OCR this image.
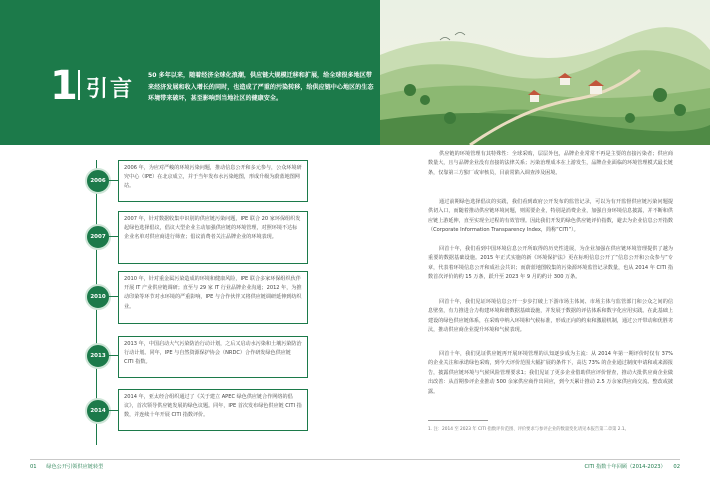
1 引言
50 多年以来，随着经济全球化浪潮，供应链大规模迁移和扩展，给全球很多地区带来经济发展和收入增长的同时，也造成了严重的污染转移，给供应链中心地区的生态环境带来破坏，甚至影响到当地社区的健康安全。
2006
2006 年，为应对严峻的环境污染问题，推动信息公开和多元参与，公众环境研究中心（IPE）在北京成立，并于当年发布水污染地图，形成升级为蔚蓝地图网站。
2007
2007 年，针对数据收集中识别的供应链污染问题，IPE 联合 20 家环保组织发起绿色选择倡议，倡议大型企业主动加强供应链的环境管理，对照环境不达标企业名单对供应商进行筛查；倡议消费者关注品牌企业的环境表现。
2010
2010 年，针对重金属污染造成的环境和健康风险，IPE 联合多家环保组织伙伴开展 IT 产业供应链调研；直至与 29 家 IT 行业品牌企业沟通；2012 年，为推动印染等环节对水环境的严重影响，IPE 与合作伙伴又将供应链调研延伸到纺织业。
2013
2013 年，中国启动大气污染防治行动计划，之后又启动水污染和土壤污染防治行动计划。同年，IPE 与自然资源保护协会（NRDC）合作研发绿色供应链 CITI 指数。
2014
2014 年，亚太经合组织通过了《关于建立 APEC 绿色供应链合作网络的倡议》，首次领导供应链发展的绿色议题。同年，IPE 首次发布绿色供应链 CITI 指数，并连续十年开展 CITI 指数评价。

供应链的环境管理有其特殊性：全球采购，层层外包，品牌企业常常不再是主要的直接污染者；供应商数量大，且与品牌企业没有直接的法律关系；污染治理成本在上游发生，品牌企业面临的环境管理模式最长链条，仅靠第三方独厂或审核员，目前常陷入调查涉及困境。

通过前期绿色选择倡议的实践，我们看到政府公开发布的监管记录，可以为有开监督供应链污染问题提供切入口，而随着推动供应链环境问题，则需要企业，特别是消费企业，加强自身环境信息披露，并不断和供应链上游延伸，直至实现全过程的有效管理。因此我们开发的绿色供应链评价指数，避去为企业信息公开指数（Corporate Information Transparency Index，简称“CITI”）。

回首十年，我们看到中国环境信息公开所取得的历史性进展，为企业加强在供应链环境管理提供了越为重要的数据基础设施。2015 年正式实施的新《环境保护法》更在标明信息公开了“信息公开和公众参与”专章，代表着环境信息公开和成社会共识；而蔚蓝地图收集的污染源环境监管记录数量，也从 2014 年 CITI 指数首次评价的约 15 万条，跃升至 2023 年 9 月的约计 300 万条。

回首十年，我们见证环境信息公开一步步打破上下游市场主体间、市场主体与监管部门和公众之间的信息壁垒，有力推进合力构建环境和谐数据基础设施，并发展于数据的评估体系和数字化应用实践。在此基础上建设的绿色供应链体系，在采购中纳入环境和气候标准，形成正向的约束和激励机制，通过公开带动和优胜劣汰，推动供应商企业提升环境和气候表现。

回首十年，我们见证供应链再开展环境管理的认知逐步成为主流：从 2014 年第一期评价时仅有 37% 的企业关注和承诺绿色采购，到今天评价范围大幅扩展的条件下，高达 73% 的企业通过制度申请和或来源报告，披露供应链环境与气候风险管理要求1；我们见证了更多企业借助供应评价督查，推动大批供应商企业做出改善：从首期参评企业推动 500 余家供应商作出回应，到今天累计推动 2.5 万余家供应商交流、整改或披露。

1. 注：2014 至 2023 年 CITI 指数评价范围、评价要求与参评企业的数量变化请见本报告第二章第 2.1。
01 绿色公开引领供应链转型	CITI 指数十年回顾（2014-2023） 02
